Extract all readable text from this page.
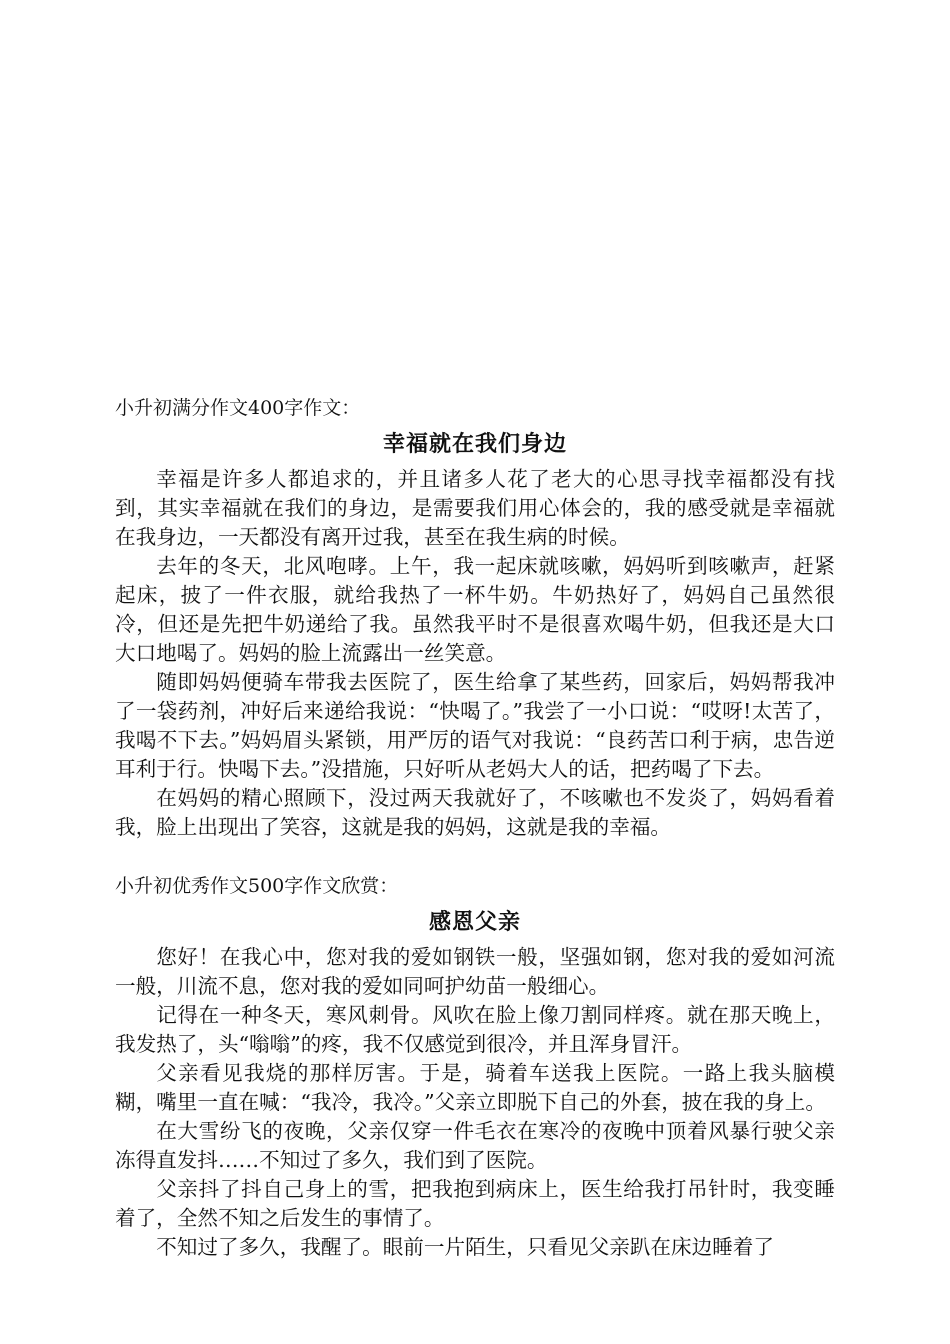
小升初满分作文400字作文：

幸福就在我们身边

幸福是许多人都追求的，并且诸多人花了老大的心思寻找幸福都没有找到，其实幸福就在我们的身边，是需要我们用心体会的，我的感受就是幸福就在我身边，一天都没有离开过我，甚至在我生病的时候。

去年的冬天，北风咆哮。上午，我一起床就咳嗽，妈妈听到咳嗽声，赶紧起床，披了一件衣服，就给我热了一杯牛奶。牛奶热好了，妈妈自己虽然很冷，但还是先把牛奶递给了我。虽然我平时不是很喜欢喝牛奶，但我还是大口大口地喝了。妈妈的脸上流露出一丝笑意。

随即妈妈便骑车带我去医院了，医生给拿了某些药，回家后，妈妈帮我冲了一袋药剂，冲好后来递给我说：“快喝了。”我尝了一小口说：“哎呀!太苦了，我喝不下去。”妈妈眉头紧锁，用严厉的语气对我说：“良药苦口利于病，忠告逆耳利于行。快喝下去。”没措施，只好听从老妈大人的话，把药喝了下去。

在妈妈的精心照顾下，没过两天我就好了，不咳嗽也不发炎了，妈妈看着我，脸上出现出了笑容，这就是我的妈妈，这就是我的幸福。

小升初优秀作文500字作文欣赏：

感恩父亲

您好！在我心中，您对我的爱如钢铁一般，坚强如钢，您对我的爱如河流一般，川流不息，您对我的爱如同呵护幼苗一般细心。

记得在一种冬天，寒风刺骨。风吹在脸上像刀割同样疼。就在那天晚上，我发热了，头“嗡嗡”的疼，我不仅感觉到很冷，并且浑身冒汗。

父亲看见我烧的那样厉害。于是，骑着车送我上医院。一路上我头脑模糊，嘴里一直在喊：“我冷，我冷。”父亲立即脱下自己的外套，披在我的身上。

在大雪纷飞的夜晚，父亲仅穿一件毛衣在寒冷的夜晚中顶着风暴行驶父亲冻得直发抖……不知过了多久，我们到了医院。

父亲抖了抖自己身上的雪，把我抱到病床上，医生给我打吊针时，我变睡着了，全然不知之后发生的事情了。

不知过了多久，我醒了。眼前一片陌生，只看见父亲趴在床边睡着了
